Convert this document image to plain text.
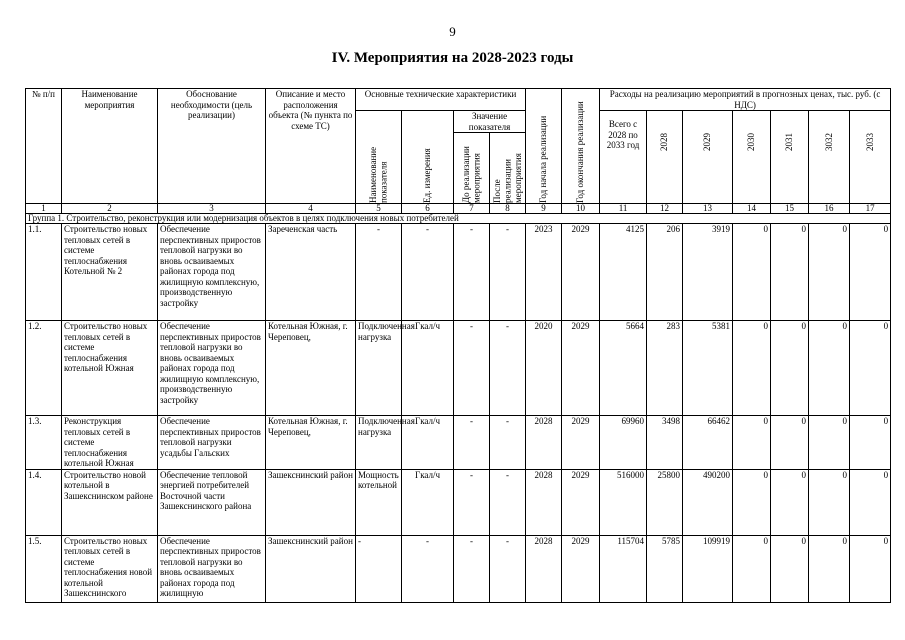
9
IV. Мероприятия на 2028-2023 годы
№ п/п	Наименование мероприятия	Обоснование необходимости (цель реализации)	Описание и место расположения объекта (№ пункта по схеме ТС)	Основные технические характеристики				Год начала реализации	Год окончания реализации	Расходы на реализацию мероприятий в прогнозных ценах, тыс. руб. (с НДС)						

				Наименование показателя	Ед. измерения	Значение показателя				Всего с 2028 по 2033 год	2028	2029	2030	2031	3032	2033

						До реализации мероприятия	После реализации мероприятия									

1	2	3	4	5	6	7	8	9	10	11	12	13	14	15	16	17
Группа 1. Строительство, реконструкция или модернизация объектов в целях подключения новых потребителей																
1.1.	Строительство новых тепловых сетей в системе теплоснабжения Котельной № 2	Обеспечение перспективных приростов тепловой нагрузки во вновь осваиваемых районах города под жилищную комплексную, производственную застройку	Зареченская часть	-	-	-	-	2023	2029	4125	206	3919	0	0	0	0
1.2.	Строительство новых тепловых сетей в системе теплоснабжения котельной Южная	Обеспечение перспективных приростов тепловой нагрузки во вновь осваиваемых районах города под жилищную комплексную, производственную застройку	Котельная Южная, г. Череповец,	Подключенная нагрузка	Гкал/ч	-	-	2020	2029	5664	283	5381	0	0	0	0
1.3.	Реконструкция тепловых сетей в системе теплоснабжения котельной Южная	Обеспечение перспективных приростов тепловой нагрузки усадьбы Гальских	Котельная Южная, г. Череповец,	Подключенная нагрузка	Гкал/ч	-	-	2028	2029	69960	3498	66462	0	0	0	0
1.4.	Строительство новой котельной в Зашекснинском районе	Обеспечение тепловой энергией потребителей Восточной части Зашекснинского района	Зашекснинский район	Мощность котельной	Гкал/ч	-	-	2028	2029	516000	25800	490200	0	0	0	0
1.5.	Строительство новых тепловых сетей в системе теплоснабжения новой котельной Зашекснинского	Обеспечение перспективных приростов тепловой нагрузки во вновь осваиваемых районах города под жилищную	Зашекснинский район	-	-	-	-	2028	2029	115704	5785	109919	0	0	0	0
